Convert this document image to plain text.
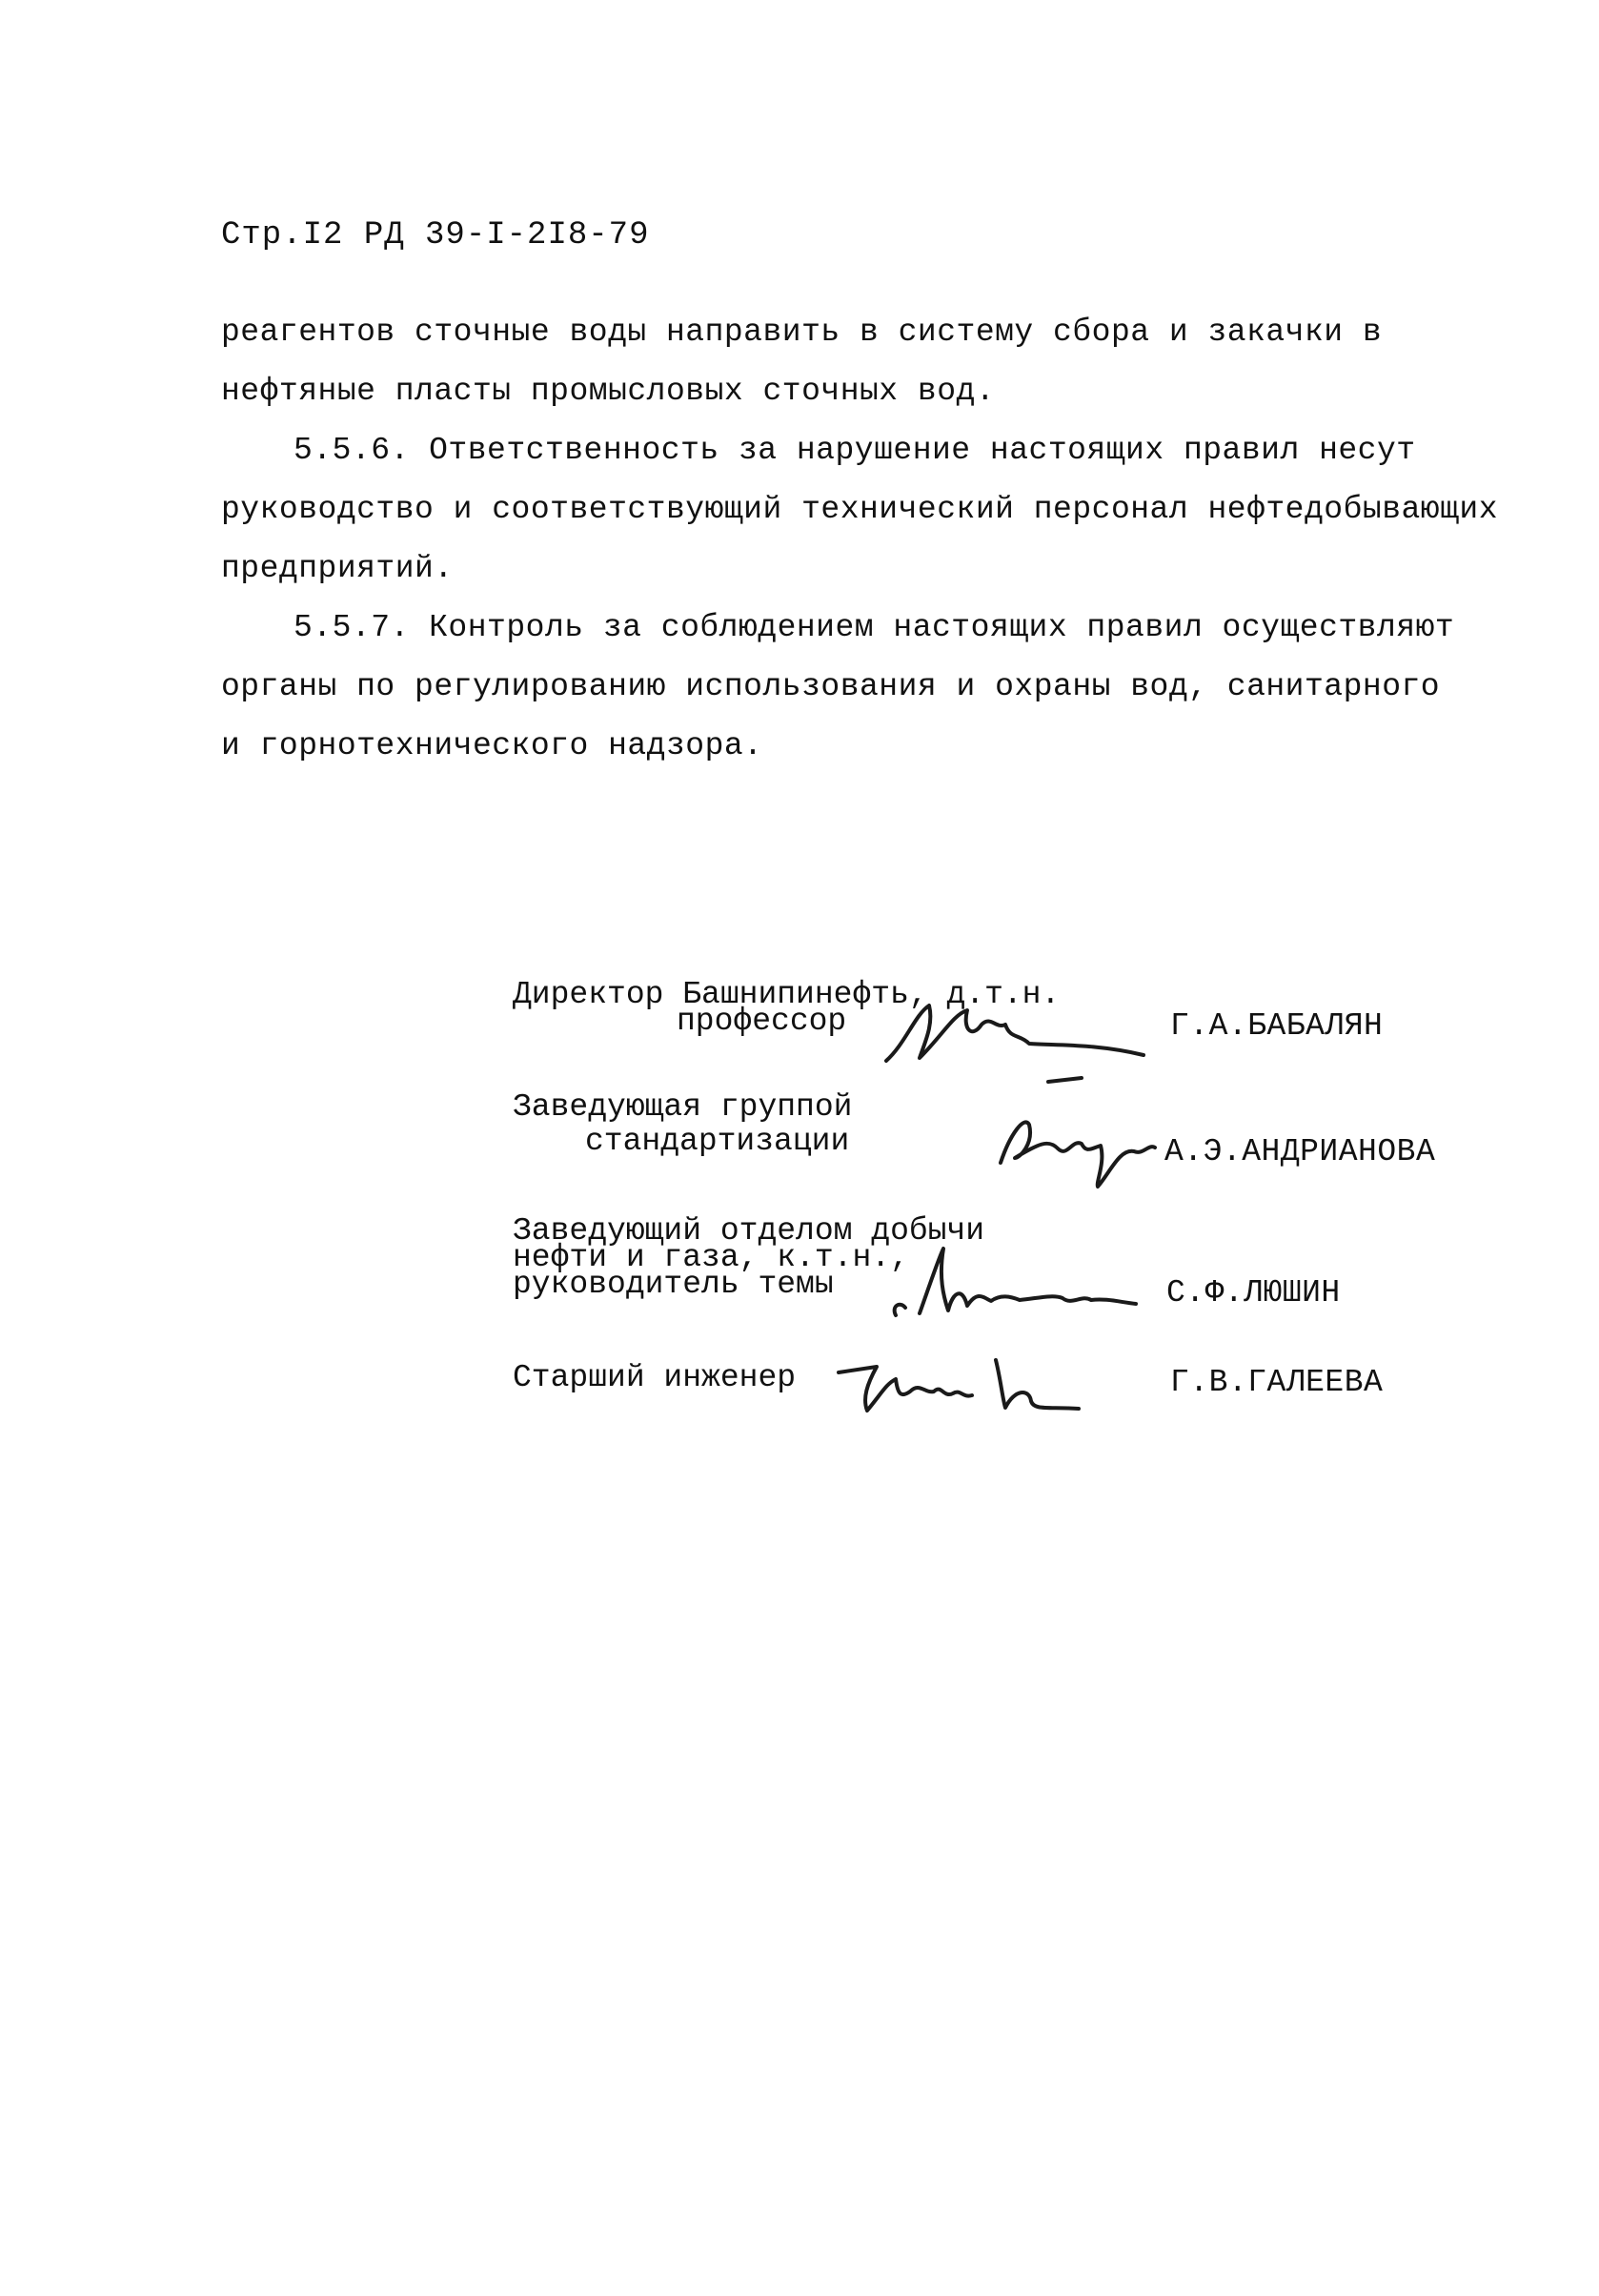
Стр.I2 РД 39-I-2I8-79

реагентов сточные воды направить в систему сбора и закачки в

нефтяные пласты промысловых сточных вод.

5.5.6. Ответственность за нарушение настоящих правил несут

руководство и соответствующий технический персонал нефтедобывающих

предприятий.

5.5.7. Контроль за соблюдением настоящих правил осуществляют

органы по регулированию использования и охраны вод, санитарного

и горнотехнического надзора.

Директор Башнипинефть, д.т.н.
профессор	Г.А.БАБАЛЯН
Заведующая группой
стандартизации	А.Э.АНДРИАНОВА
Заведующий отделом добычи
нефти и газа, к.т.н.,
руководитель темы	С.Ф.ЛЮШИН
Старший инженер	Г.В.ГАЛЕЕВА
